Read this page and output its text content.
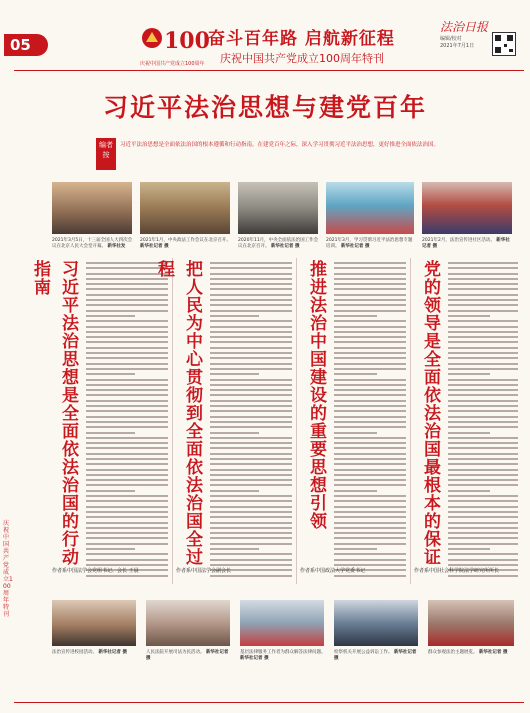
05
庆祝中国共产党成立100周年特刊
100
庆祝中国共产党成立100周年
奋斗百年路 启航新征程
庆祝中国共产党成立100周年特刊
法治日报
编辑/校对
2021年7月1日
习近平法治思想与建党百年
编者按
习近平法治思想是全面依法治国的根本遵循和行动指南。在建党百年之际，深入学习贯彻习近平法治思想，更好推进全面依法治国。
2021年3月5日，十三届全国人大四次会议在北京人民大会堂开幕。 新华社发
2021年1月，中央政法工作会议在北京召开。 新华社记者 摄
2020年11月，中央全面依法治国工作会议在北京召开。 新华社记者 摄
2021年3月，学习贯彻习近平法治思想专题培训。 新华社记者 摄
2021年2月，法治宣传进社区活动。 新华社记者 摄
习近平法治思想是全面依法治国的行动指南
作者系中国法学会党组书记、会长 王晨
把人民为中心贯彻到全面依法治国全过程
作者系中国法学会副会长
推进法治中国建设的重要思想引领
作者系中国政法大学党委书记
党的领导是全面依法治国最根本的保证
作者系中国社会科学院法学研究所所长
法治宣传进校园活动。 新华社记者 摄	人民法院开展司法为民活动。 新华社记者 摄
基层法律服务工作者为群众解答法律问题。 新华社记者 摄
检察机关开展公益诉讼工作。 新华社记者 摄
群众参观法治主题展览。 新华社记者 摄
